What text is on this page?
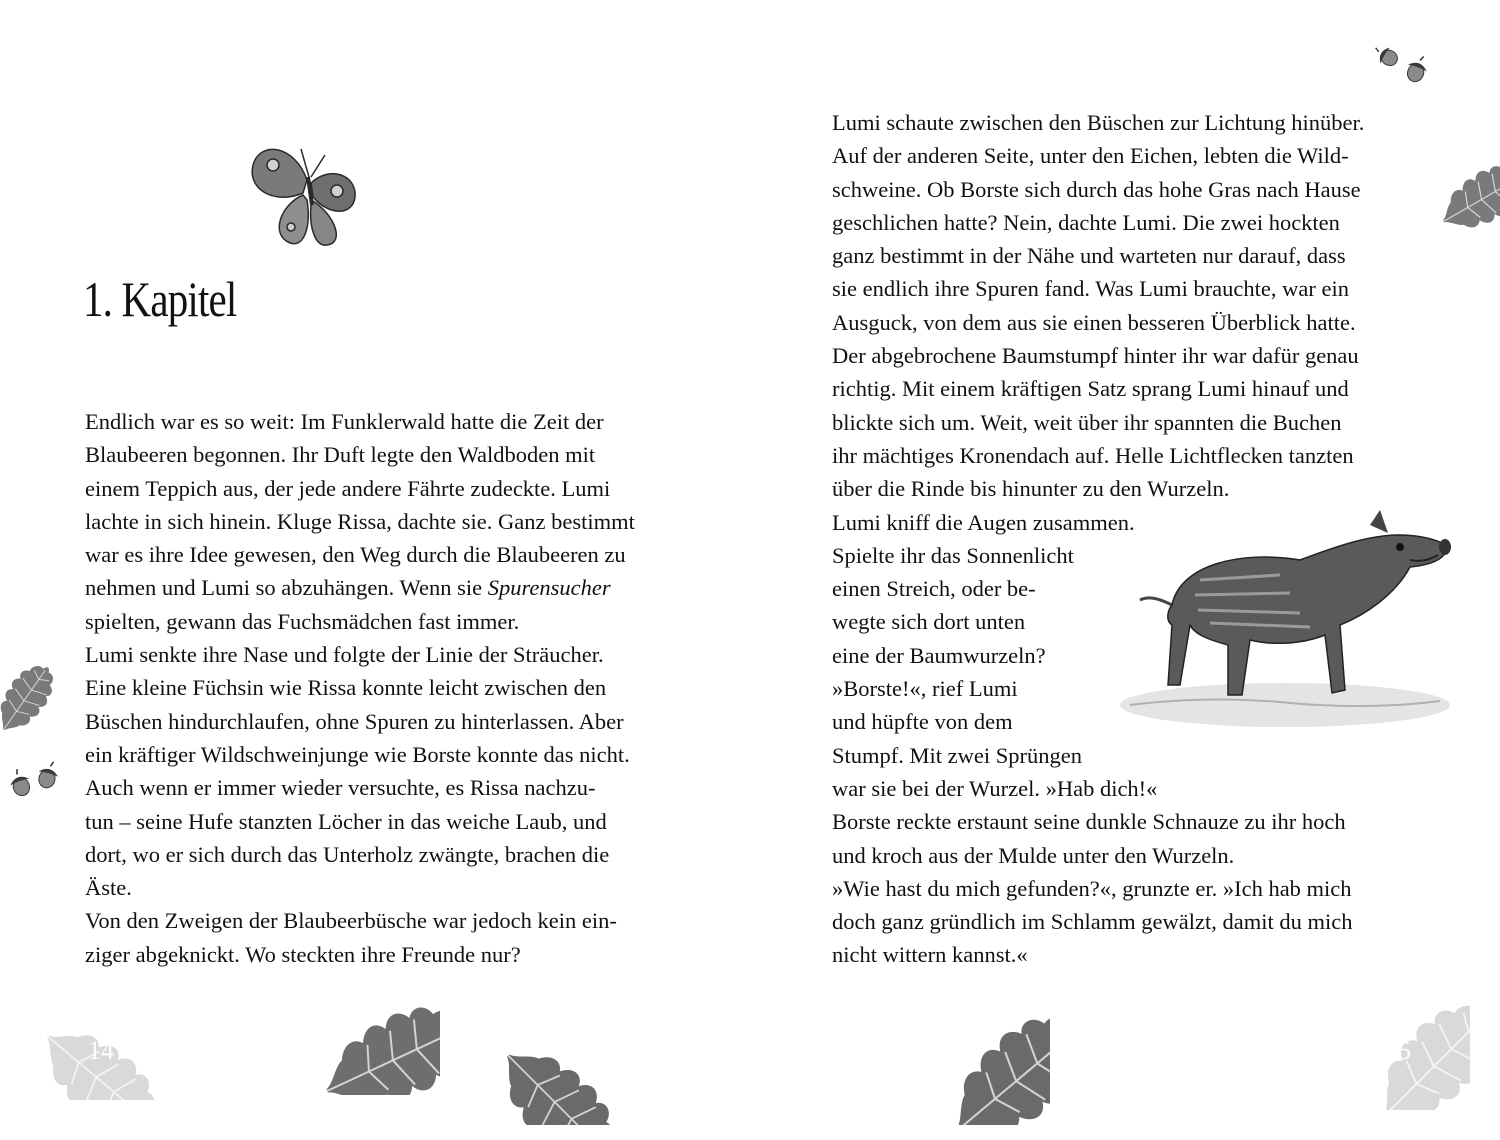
1. Kapitel
Endlich war es so weit: Im Funklerwald hatte die Zeit der
Blaubeeren begonnen. Ihr Duft legte den Waldboden mit
einem Teppich aus, der jede andere Fährte zudeckte. Lumi
lachte in sich hinein. Kluge Rissa, dachte sie. Ganz bestimmt
war es ihre Idee gewesen, den Weg durch die Blaubeeren zu
nehmen und Lumi so abzuhängen. Wenn sie Spurensucher
spielten, gewann das Fuchsmädchen fast immer.
Lumi senkte ihre Nase und folgte der Linie der Sträucher.
Eine kleine Füchsin wie Rissa konnte leicht zwischen den
Büschen hindurchlaufen, ohne Spuren zu hinterlassen. Aber
ein kräftiger Wildschweinjunge wie Borste konnte das nicht.
Auch wenn er immer wieder versuchte, es Rissa nachzu-
tun – seine Hufe stanzten Löcher in das weiche Laub, und
dort, wo er sich durch das Unterholz zwängte, brachen die
Äste.
Von den Zweigen der Blaubeerbüsche war jedoch kein ein-
ziger abgeknickt. Wo steckten ihre Freunde nur?
14
Lumi schaute zwischen den Büschen zur Lichtung hinüber.
Auf der anderen Seite, unter den Eichen, lebten die Wild-
schweine. Ob Borste sich durch das hohe Gras nach Hause
geschlichen hatte? Nein, dachte Lumi. Die zwei hockten
ganz bestimmt in der Nähe und warteten nur darauf, dass
sie endlich ihre Spuren fand. Was Lumi brauchte, war ein
Ausguck, von dem aus sie einen besseren Überblick hatte.
Der abgebrochene Baumstumpf hinter ihr war dafür genau
richtig. Mit einem kräftigen Satz sprang Lumi hinauf und
blickte sich um. Weit, weit über ihr spannten die Buchen
ihr mächtiges Kronendach auf. Helle Lichtflecken tanzten
über die Rinde bis hinunter zu den Wurzeln.
Lumi kniff die Augen zusammen.
Spielte ihr das Sonnenlicht
einen Streich, oder be-
wegte sich dort unten
eine der Baumwurzeln?
»Borste!«, rief Lumi
und hüpfte von dem
Stumpf. Mit zwei Sprüngen
war sie bei der Wurzel. »Hab dich!«
Borste reckte erstaunt seine dunkle Schnauze zu ihr hoch
und kroch aus der Mulde unter den Wurzeln.
»Wie hast du mich gefunden?«, grunzte er. »Ich hab mich
doch ganz gründlich im Schlamm gewälzt, damit du mich
nicht wittern kannst.«
15
